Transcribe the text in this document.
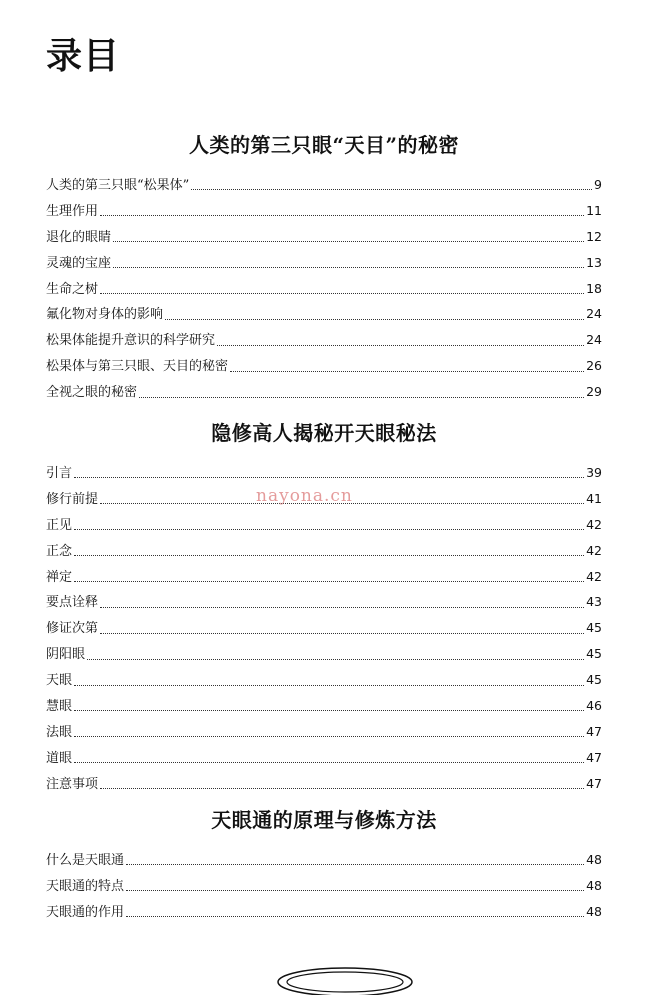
录目
人类的第三只眼“天目”的秘密
人类的第三只眼“松果体”	9
生理作用	11
退化的眼睛	12
灵魂的宝座	13
生命之树	18
氟化物对身体的影响	24
松果体能提升意识的科学研究	24
松果体与第三只眼、天目的秘密	26
全视之眼的秘密	29
隐修高人揭秘开天眼秘法
引言	39
修行前提	41
正见	42
正念	42
禅定	42
要点诠释	43
修证次第	45
阴阳眼	45
天眼	45
慧眼	46
法眼	47
道眼	47
注意事项	47
天眼通的原理与修炼方法
什么是天眼通	48
天眼通的特点	48
天眼通的作用	48
nayona.cn
